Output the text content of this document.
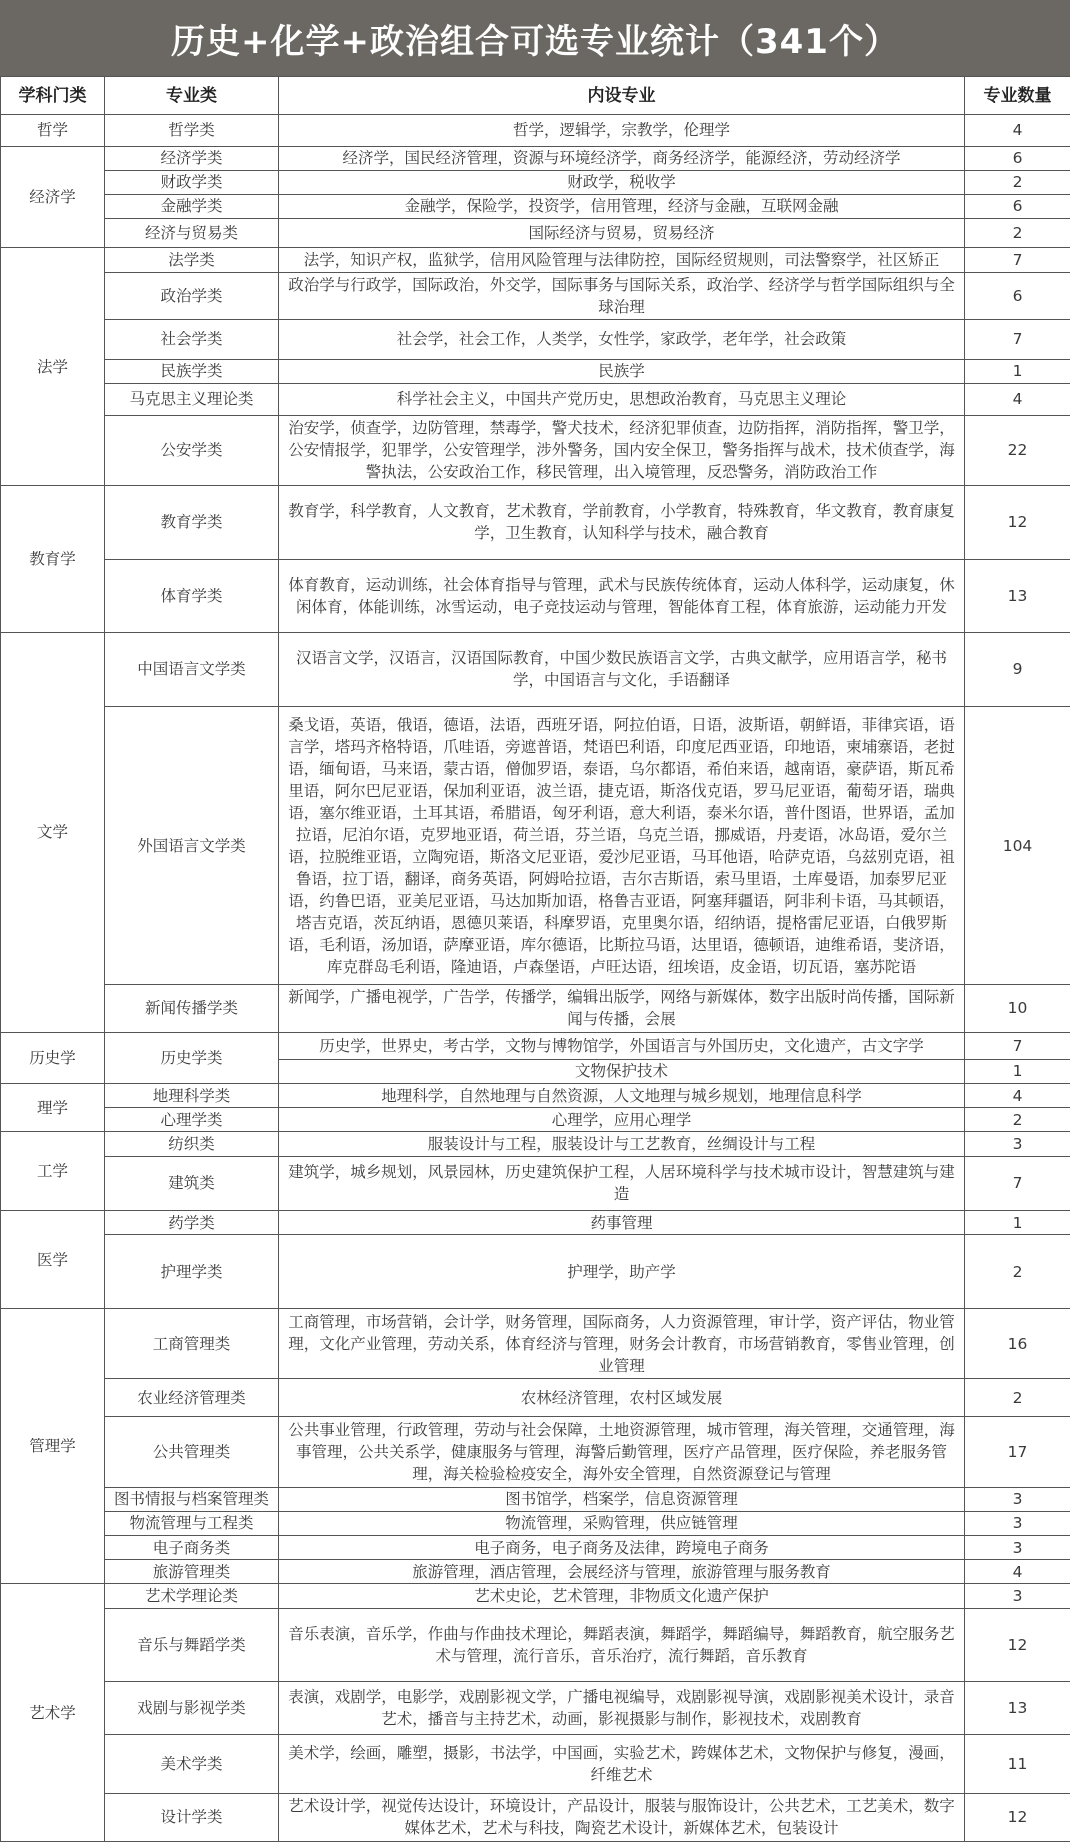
历史+化学+政治组合可选专业统计（341个）
学科门类	专业类	内设专业	专业数量
哲学	哲学类	哲学，逻辑学，宗教学，伦理学	4
经济学	经济学类	经济学，国民经济管理，资源与环境经济学，商务经济学，能源经济，劳动经济学	6
	财政学类	财政学，税收学	2
	金融学类	金融学，保险学，投资学，信用管理，经济与金融，互联网金融	6
	经济与贸易类	国际经济与贸易，贸易经济	2
法学	法学类	法学，知识产权，监狱学，信用风险管理与法律防控，国际经贸规则，司法警察学，社区矫正	7
	政治学类	政治学与行政学，国际政治，外交学，国际事务与国际关系，政治学、经济学与哲学国际组织与全球治理	6
	社会学类	社会学，社会工作，人类学，女性学，家政学，老年学，社会政策	7
	民族学类	民族学	1
	马克思主义理论类	科学社会主义，中国共产党历史，思想政治教育，马克思主义理论	4
	公安学类	治安学，侦查学，边防管理，禁毒学，警犬技术，经济犯罪侦查，边防指挥，消防指挥，警卫学，公安情报学，犯罪学，公安管理学，涉外警务，国内安全保卫，警务指挥与战术，技术侦查学，海警执法，公安政治工作，移民管理，出入境管理，反恐警务，消防政治工作	22
教育学	教育学类	教育学，科学教育，人文教育，艺术教育，学前教育，小学教育，特殊教育，华文教育，教育康复学，卫生教育，认知科学与技术，融合教育	12
	体育学类	体育教育，运动训练，社会体育指导与管理，武术与民族传统体育，运动人体科学，运动康复，休闲体育，体能训练，冰雪运动，电子竞技运动与管理，智能体育工程，体育旅游，运动能力开发	13
文学	中国语言文学类	汉语言文学，汉语言，汉语国际教育，中国少数民族语言文学，古典文献学，应用语言学，秘书学，中国语言与文化，手语翻译	9
	外国语言文学类	桑戈语，英语，俄语，德语，法语，西班牙语，阿拉伯语，日语，波斯语，朝鲜语，菲律宾语，语言学，塔玛齐格特语，爪哇语，旁遮普语，梵语巴利语，印度尼西亚语，印地语，柬埔寨语，老挝语，缅甸语，马来语，蒙古语，僧伽罗语，泰语，乌尔都语，希伯来语，越南语，豪萨语，斯瓦希里语，阿尔巴尼亚语，保加利亚语，波兰语，捷克语，斯洛伐克语，罗马尼亚语，葡萄牙语，瑞典语，塞尔维亚语，土耳其语，希腊语，匈牙利语，意大利语，泰米尔语，普什图语，世界语，孟加拉语，尼泊尔语，克罗地亚语，荷兰语，芬兰语，乌克兰语，挪威语，丹麦语，冰岛语，爱尔兰语，拉脱维亚语，立陶宛语，斯洛文尼亚语，爱沙尼亚语，马耳他语，哈萨克语，乌兹别克语，祖鲁语，拉丁语，翻译，商务英语，阿姆哈拉语，吉尔吉斯语，索马里语，土库曼语，加泰罗尼亚语，约鲁巴语，亚美尼亚语，马达加斯加语，格鲁吉亚语，阿塞拜疆语，阿非利卡语，马其顿语，塔吉克语，茨瓦纳语，恩德贝莱语，科摩罗语，克里奥尔语，绍纳语，提格雷尼亚语，白俄罗斯语，毛利语，汤加语，萨摩亚语，库尔德语，比斯拉马语，达里语，德顿语，迪维希语，斐济语，库克群岛毛利语，隆迪语，卢森堡语，卢旺达语，纽埃语，皮金语，切瓦语，塞苏陀语	104
	新闻传播学类	新闻学，广播电视学，广告学，传播学，编辑出版学，网络与新媒体，数字出版时尚传播，国际新闻与传播，会展	10
历史学	历史学类	历史学，世界史，考古学，文物与博物馆学，外国语言与外国历史，文化遗产，古文字学	7
		文物保护技术	1
理学	地理科学类	地理科学，自然地理与自然资源，人文地理与城乡规划，地理信息科学	4
	心理学类	心理学，应用心理学	2
工学	纺织类	服装设计与工程，服装设计与工艺教育，丝绸设计与工程	3
	建筑类	建筑学，城乡规划，风景园林，历史建筑保护工程，人居环境科学与技术城市设计，智慧建筑与建造	7
医学	药学类	药事管理	1
	护理学类	护理学，助产学	2
管理学	工商管理类	工商管理，市场营销，会计学，财务管理，国际商务，人力资源管理，审计学，资产评估，物业管理，文化产业管理，劳动关系，体育经济与管理，财务会计教育，市场营销教育，零售业管理，创业管理	16
	农业经济管理类	农林经济管理，农村区域发展	2
	公共管理类	公共事业管理，行政管理，劳动与社会保障，土地资源管理，城市管理，海关管理，交通管理，海事管理，公共关系学，健康服务与管理，海警后勤管理，医疗产品管理，医疗保险，养老服务管理，海关检验检疫安全，海外安全管理，自然资源登记与管理	17
	图书情报与档案管理类	图书馆学，档案学，信息资源管理	3
	物流管理与工程类	物流管理，采购管理，供应链管理	3
	电子商务类	电子商务，电子商务及法律，跨境电子商务	3
	旅游管理类	旅游管理，酒店管理，会展经济与管理，旅游管理与服务教育	4
艺术学	艺术学理论类	艺术史论，艺术管理，非物质文化遗产保护	3
	音乐与舞蹈学类	音乐表演，音乐学，作曲与作曲技术理论，舞蹈表演，舞蹈学，舞蹈编导，舞蹈教育，航空服务艺术与管理，流行音乐，音乐治疗，流行舞蹈，音乐教育	12
	戏剧与影视学类	表演，戏剧学，电影学，戏剧影视文学，广播电视编导，戏剧影视导演，戏剧影视美术设计，录音艺术，播音与主持艺术，动画，影视摄影与制作，影视技术，戏剧教育	13
	美术学类	美术学，绘画，雕塑，摄影，书法学，中国画，实验艺术，跨媒体艺术，文物保护与修复，漫画，纤维艺术	11
	设计学类	艺术设计学，视觉传达设计，环境设计，产品设计，服装与服饰设计，公共艺术，工艺美术，数字媒体艺术，艺术与科技，陶瓷艺术设计，新媒体艺术，包装设计	12
